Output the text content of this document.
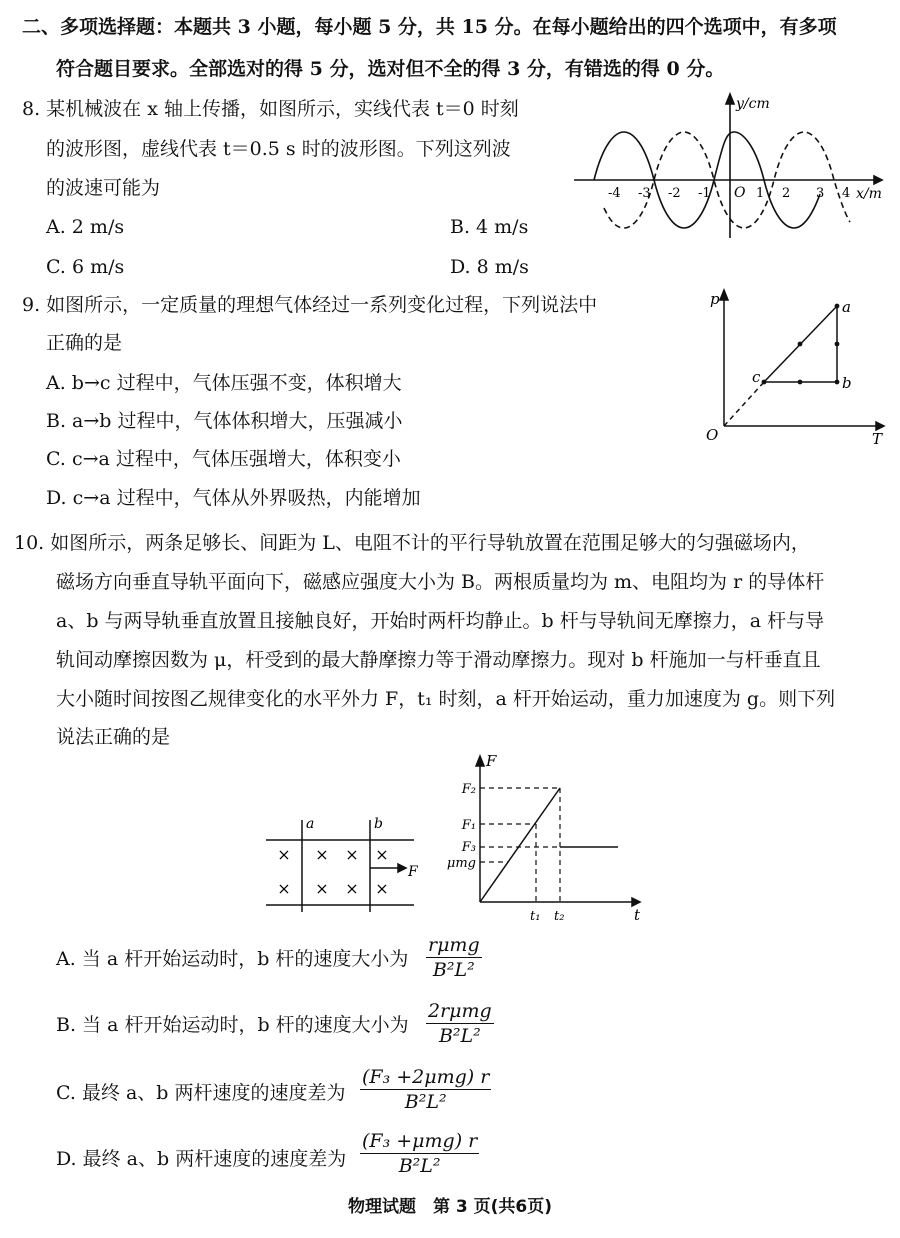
二、多项选择题：本题共 3 小题，每小题 5 分，共 15 分。在每小题给出的四个选项中，有多项
符合题目要求。全部选对的得 5 分，选对但不全的得 3 分，有错选的得 0 分。
8. 某机械波在 x 轴上传播，如图所示，实线代表 t＝0 时刻
的波形图，虚线代表 t＝0.5 s 时的波形图。下列这列波
的波速可能为
A. 2 m/s	B. 4 m/s
C. 6 m/s	D. 8 m/s
y/cm
x/m
O
-4 -3 -2 -1	1 2 3 4
9. 如图所示，一定质量的理想气体经过一系列变化过程，下列说法中
正确的是
A. b→c 过程中，气体压强不变，体积增大
B. a→b 过程中，气体体积增大，压强减小
C. c→a 过程中，气体压强增大，体积变小
D. c→a 过程中，气体从外界吸热，内能增加
p
T
O
a
b
c
10. 如图所示，两条足够长、间距为 L、电阻不计的平行导轨放置在范围足够大的匀强磁场内，
磁场方向垂直导轨平面向下，磁感应强度大小为 B。两根质量均为 m、电阻均为 r 的导体杆
a、b 与两导轨垂直放置且接触良好，开始时两杆均静止。b 杆与导轨间无摩擦力，a 杆与导
轨间动摩擦因数为 μ，杆受到的最大静摩擦力等于滑动摩擦力。现对 b 杆施加一与杆垂直且
大小随时间按图乙规律变化的水平外力 F，t₁ 时刻，a 杆开始运动，重力加速度为 g。则下列
说法正确的是
× × × ×
× × × ×
a	b
F
F
t
F₂
F₁
F₃
μmg
t₁ t₂
A. 当 a 杆开始运动时，b 杆的速度大小为
rμmg
B²L²
B. 当 a 杆开始运动时，b 杆的速度大小为
2rμmg
B²L²
C. 最终 a、b 两杆速度的速度差为
(F₃ +2μmg) r
B²L²
D. 最终 a、b 两杆速度的速度差为
(F₃ +μmg) r
B²L²
物理试题　第 3 页(共6页)
